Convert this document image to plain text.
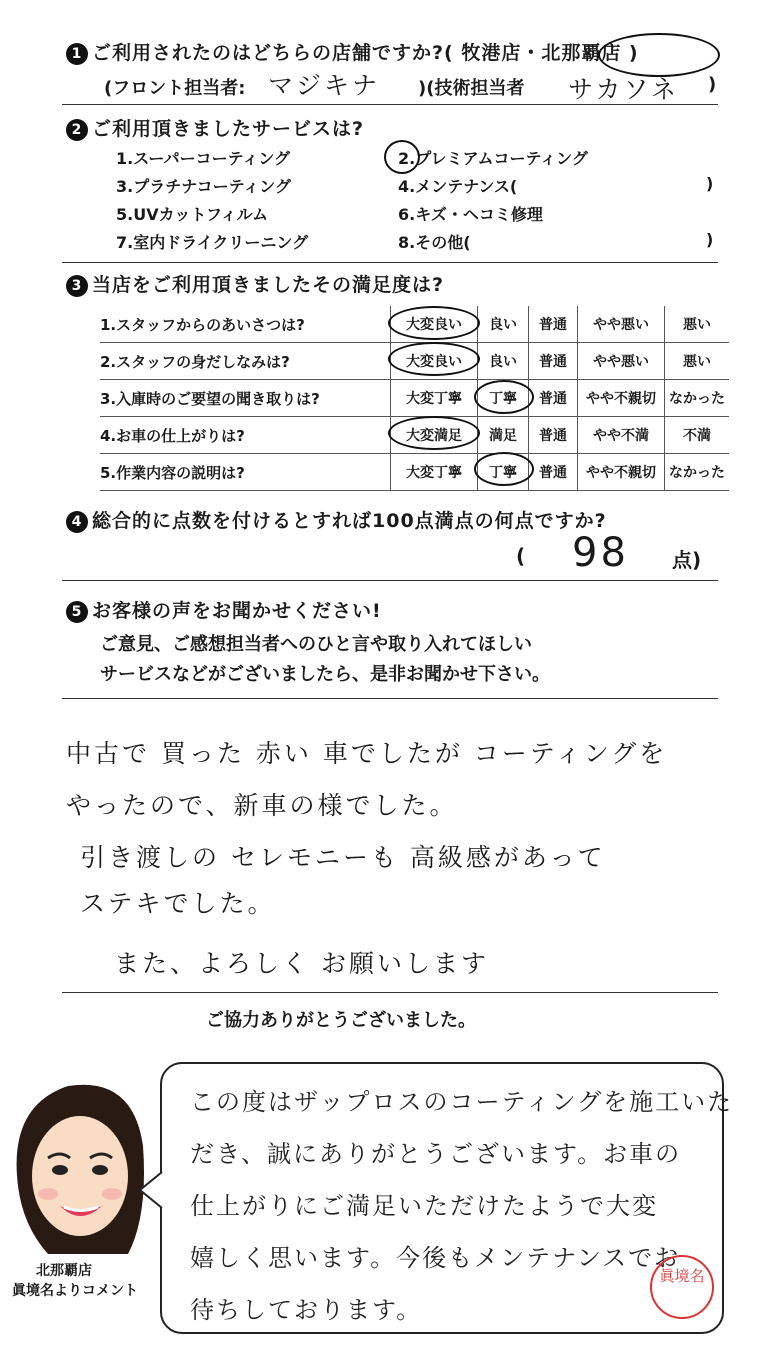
1 ご利用されたのはどちらの店舗ですか?( 牧港店・北那覇店 )
(フロント担当者: マジキナ )(技術担当者 サカソネ )
2 ご利用頂きましたサービスは?
1.スーパーコーティング	2.プレミアムコーティング
3.プラチナコーティング	4.メンテナンス(	)
5.UVカットフィルム	6.キズ・ヘコミ修理
7.室内ドライクリーニング	8.その他(	)
3 当店をご利用頂きましたその満足度は?
1.スタッフからのあいさつは?	大変良い	良い	普通	やや悪い	悪い
2.スタッフの身だしなみは?	大変良い	良い	普通	やや悪い	悪い
3.入庫時のご要望の聞き取りは?	大変丁寧	丁寧	普通	やや不親切	なかった
4.お車の仕上がりは?	大変満足	満足	普通	やや不満	不満
5.作業内容の説明は?	大変丁寧	丁寧	普通	やや不親切	なかった
4 総合的に点数を付けるとすれば100点満点の何点ですか?
( 98 点)
5 お客様の声をお聞かせください!
ご意見、ご感想担当者へのひと言や取り入れてほしい
サービスなどがございましたら、是非お聞かせ下さい。
中古で 買った 赤い 車でしたが コーティングを
やったので、新車の様でした。
引き渡しの セレモニーも 高級感があって
ステキでした。
また、よろしく お願いします
ご協力ありがとうございました。
北那覇店
眞境名よりコメント
この度はザップロスのコーティングを施工いた
だき、誠にありがとうございます。お車の
仕上がりにご満足いただけたようで大変
嬉しく思います。今後もメンテナンスでお
待ちしております。
眞境名
